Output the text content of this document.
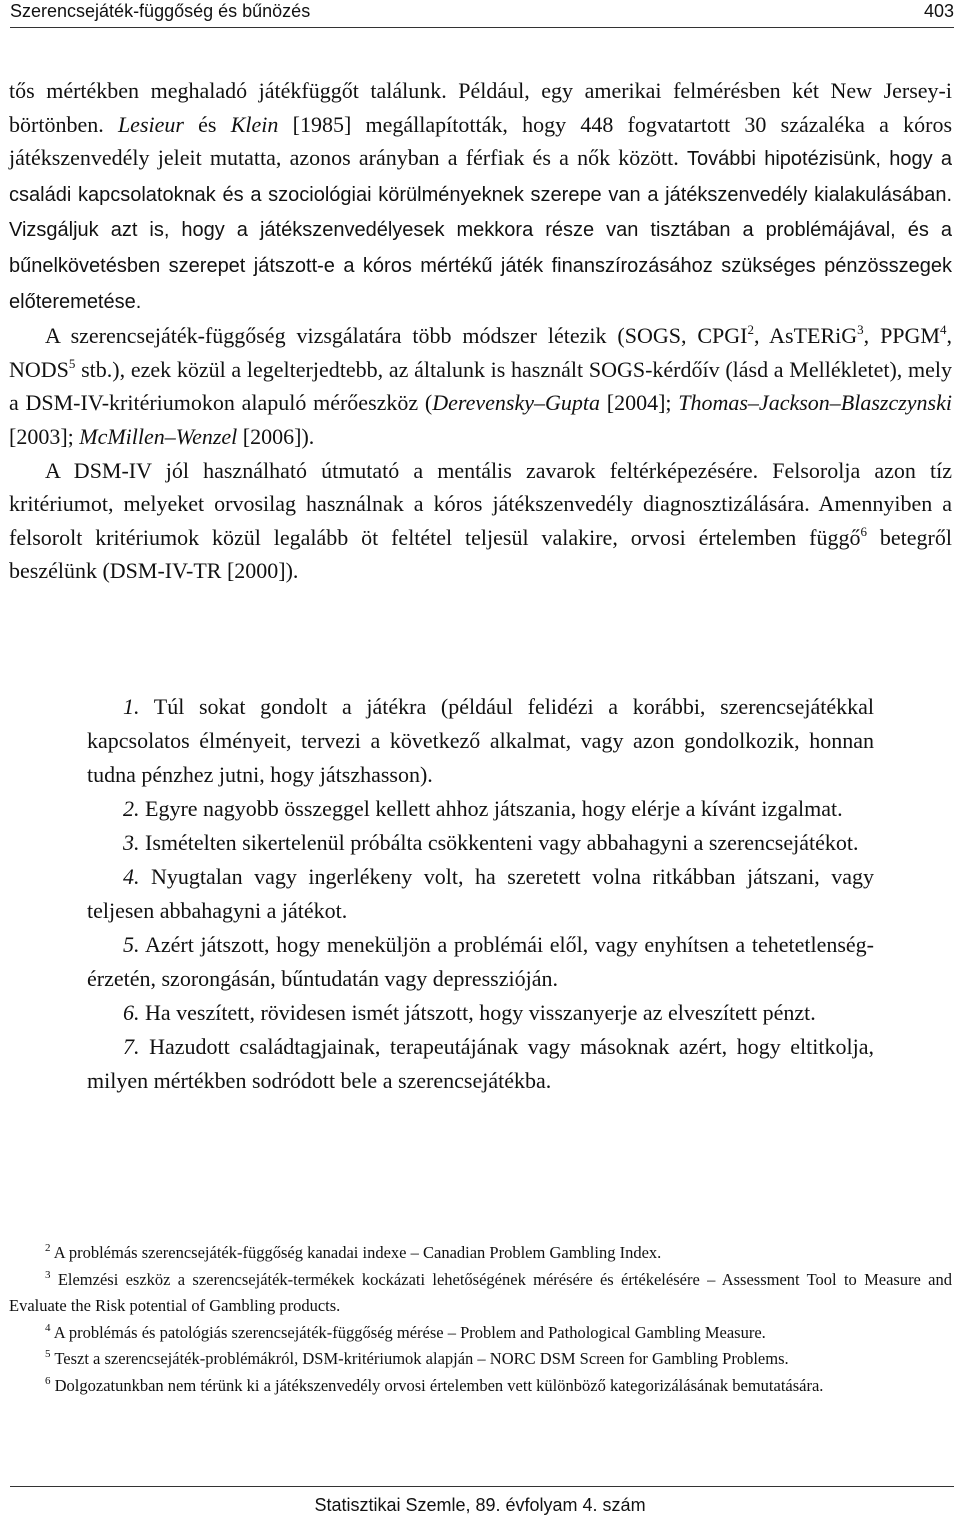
Szerencsejáték-függőség és bűnözés	403

tős mértékben meghaladó játékfüggőt találunk. Például, egy amerikai felmérésben két New Jersey-i börtönben. Lesieur és Klein [1985] megállapították, hogy 448 fogvatartott 30 százaléka a kóros játékszenvedély jeleit mutatta, azonos arányban a férfiak és a nők között. További hipotézisünk, hogy a családi kapcsolatoknak és a szociológiai körülményeknek szerepe van a játékszenvedély kialakulásában. Vizsgáljuk azt is, hogy a játékszenvedélyesek mekkora része van tisztában a problémájával, és a bűnelkövetésben szerepet játszott-e a kóros mértékű játék finanszírozásához szükséges pénzösszegek előteremetése.

A szerencsejáték-függőség vizsgálatára több módszer létezik (SOGS, CPGI$^2$, AsTERiG$^3$, PPGM$^4$, NODS$^5$ stb.), ezek közül a legelterjedtebb, az általunk is használt SOGS-kérdőív (lásd a Mellékletet), mely a DSM-IV-kritériumokon alapuló mérőeszköz (Derevensky–Gupta [2004]; Thomas–Jackson–Blaszczynski [2003]; McMillen–Wenzel [2006]).

A DSM-IV jól használható útmutató a mentális zavarok feltérképezésére. Felsorolja azon tíz kritériumot, melyeket orvosilag használnak a kóros játékszenvedély diagnosztizálására. Amennyiben a felsorolt kritériumok közül legalább öt feltétel teljesül valakire, orvosi értelemben függő$^6$ betegről beszélünk (DSM-IV-TR [2000]).

1. Túl sokat gondolt a játékra (például felidézi a korábbi, szerencsejátékkal kapcsolatos élményeit, tervezi a következő alkalmat, vagy azon gondolkozik, honnan tudna pénzhez jutni, hogy játszhasson).

2. Egyre nagyobb összeggel kellett ahhoz játszania, hogy elérje a kívánt izgalmat.

3. Ismételten sikertelenül próbálta csökkenteni vagy abbahagyni a szerencsejátékot.

4. Nyugtalan vagy ingerlékeny volt, ha szeretett volna ritkábban játszani, vagy teljesen abbahagyni a játékot.

5. Azért játszott, hogy meneküljön a problémái elől, vagy enyhítsen a tehetetlenség-érzetén, szorongásán, bűntudatán vagy depresszióján.

6. Ha veszített, rövidesen ismét játszott, hogy visszanyerje az elveszített pénzt.

7. Hazudott családtagjainak, terapeutájának vagy másoknak azért, hogy eltitkolja, milyen mértékben sodródott bele a szerencsejátékba.

$^2$ A problémás szerencsejáték-függőség kanadai indexe – Canadian Problem Gambling Index.

$^3$ Elemzési eszköz a szerencsejáték-termékek kockázati lehetőségének mérésére és értékelésére – Assessment Tool to Measure and Evaluate the Risk potential of Gambling products.

$^4$ A problémás és patológiás szerencsejáték-függőség mérése – Problem and Pathological Gambling Measure.

$^5$ Teszt a szerencsejáték-problémákról, DSM-kritériumok alapján – NORC DSM Screen for Gambling Problems.

$^6$ Dolgozatunkban nem térünk ki a játékszenvedély orvosi értelemben vett különböző kategorizálásának bemutatására.

Statisztikai Szemle, 89. évfolyam 4. szám
